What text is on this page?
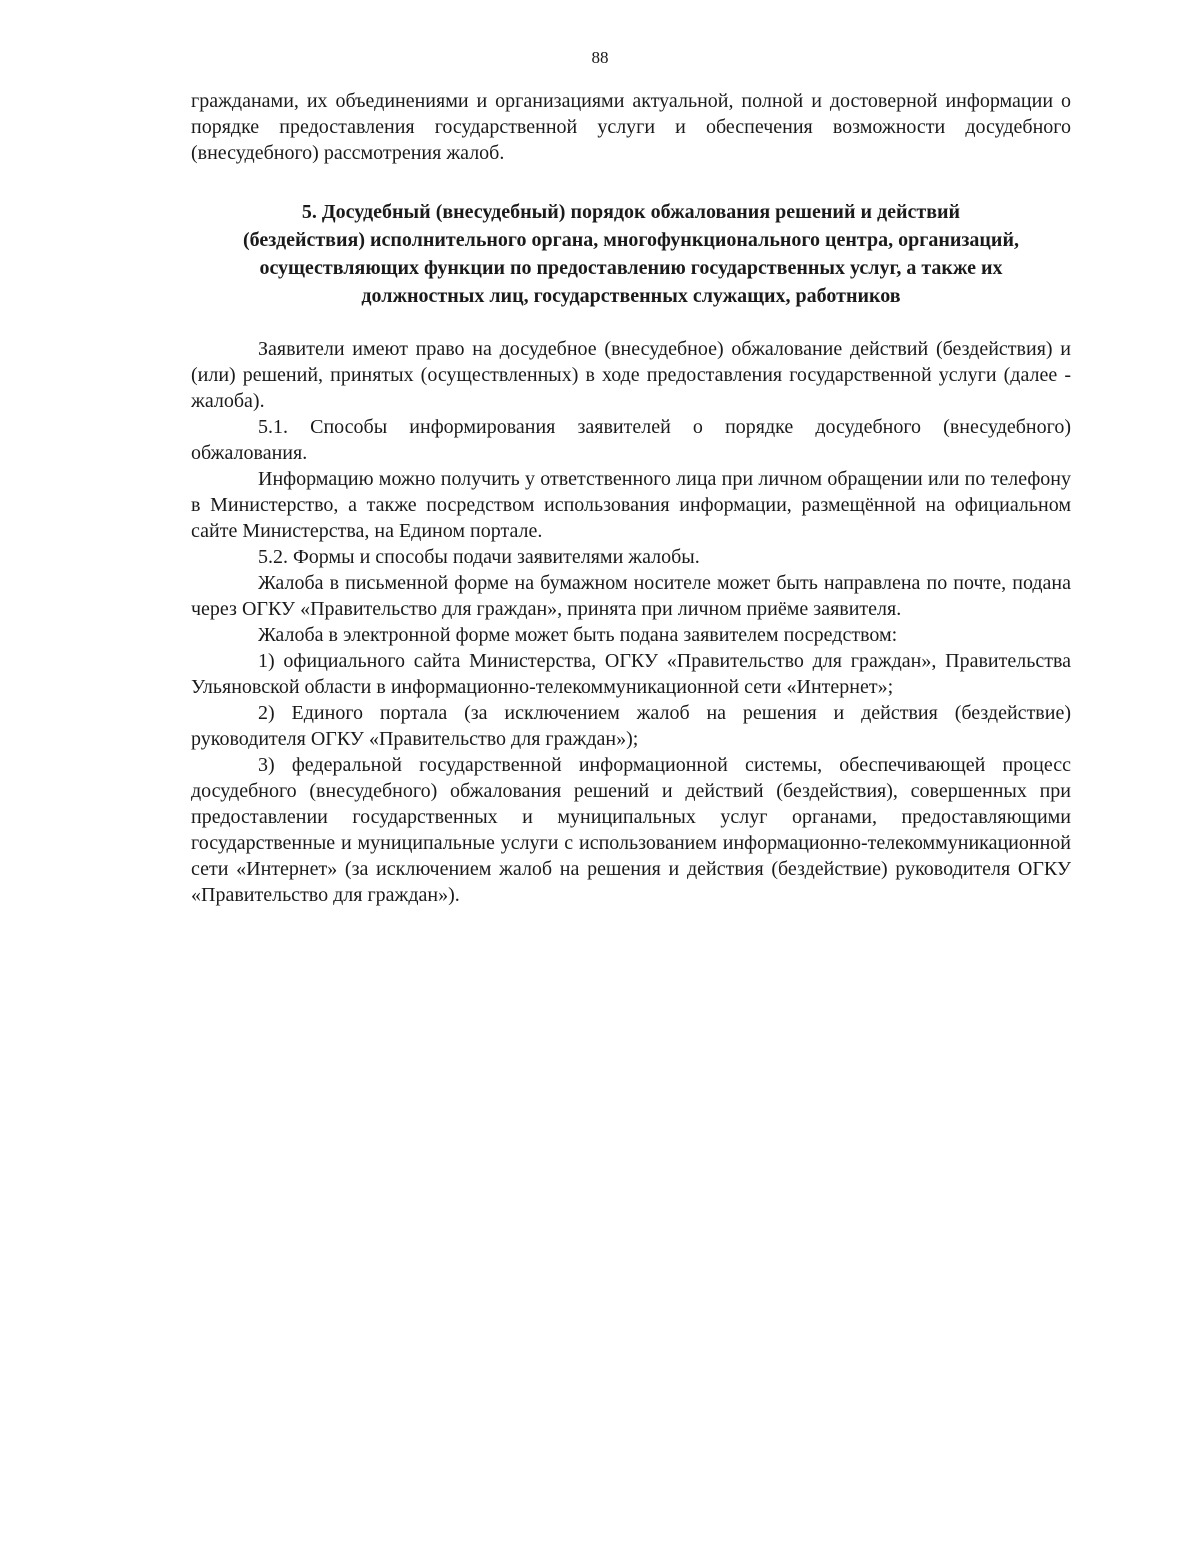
88

гражданами, их объединениями и организациями актуальной, полной и достоверной информации о порядке предоставления государственной услуги и обеспечения возможности досудебного (внесудебного) рассмотрения жалоб.

5. Досудебный (внесудебный) порядок обжалования решений и действий
(бездействия) исполнительного органа, многофункционального центра, организаций,
осуществляющих функции по предоставлению государственных услуг, а также их
должностных лиц, государственных служащих, работников

Заявители имеют право на досудебное (внесудебное) обжалование действий (бездействия) и (или) решений, принятых (осуществленных) в ходе предоставления государственной услуги (далее - жалоба).

5.1. Способы информирования заявителей о порядке досудебного (внесудебного) обжалования.

Информацию можно получить у ответственного лица при личном обращении или по телефону в Министерство, а также посредством использования информации, размещённой на официальном сайте Министерства, на Едином портале.

5.2. Формы и способы подачи заявителями жалобы.

Жалоба в письменной форме на бумажном носителе может быть направлена по почте, подана через ОГКУ «Правительство для граждан», принята при личном приёме заявителя.

Жалоба в электронной форме может быть подана заявителем посредством:

1) официального сайта Министерства, ОГКУ «Правительство для граждан», Правительства Ульяновской области в информационно-телекоммуникационной сети «Интернет»;

2) Единого портала (за исключением жалоб на решения и действия (бездействие) руководителя ОГКУ «Правительство для граждан»);

3) федеральной государственной информационной системы, обеспечивающей процесс досудебного (внесудебного) обжалования решений и действий (бездействия), совершенных при предоставлении государственных и муниципальных услуг органами, предоставляющими государственные и муниципальные услуги с использованием информационно-телекоммуникационной сети «Интернет» (за исключением жалоб на решения и действия (бездействие) руководителя ОГКУ «Правительство для граждан»).
